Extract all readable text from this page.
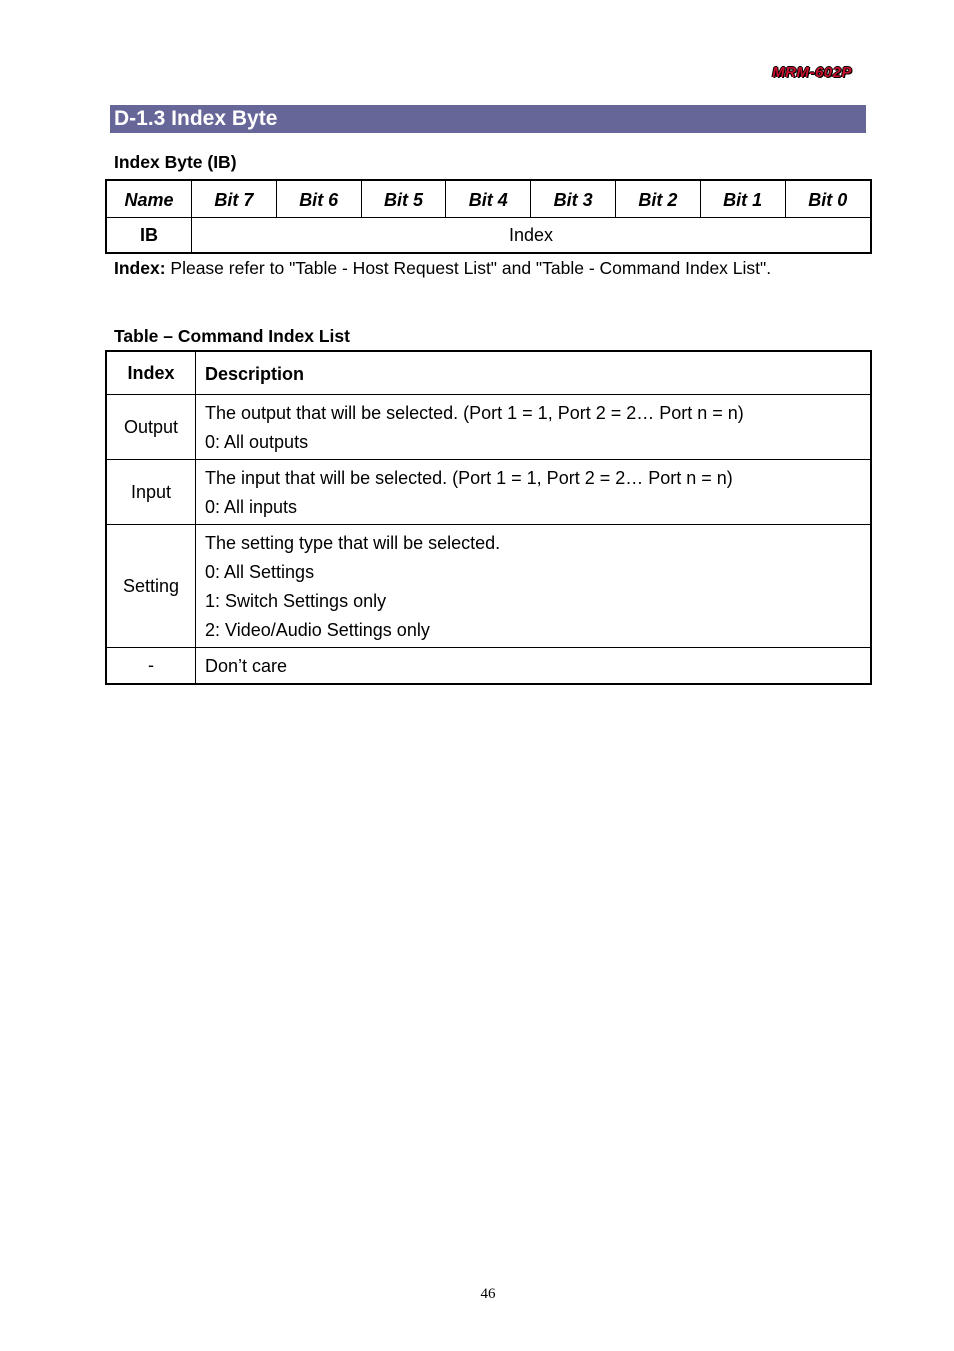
MRM-602P
D-1.3 Index Byte
Index Byte (IB)
Name	Bit 7	Bit 6	Bit 5	Bit 4	Bit 3	Bit 2	Bit 1	Bit 0
IB	Index							
Index: Please refer to "Table - Host Request List" and "Table - Command Index List".
Table – Command Index List
Index	Description
Output	The output that will be selected. (Port 1 = 1, Port 2 = 2… Port n = n)
0: All outputs

Input	The input that will be selected. (Port 1 = 1, Port 2 = 2… Port n = n)
0: All inputs

Setting	The setting type that will be selected.
0: All Settings
1: Switch Settings only
2: Video/Audio Settings only

-	Don’t care
46
